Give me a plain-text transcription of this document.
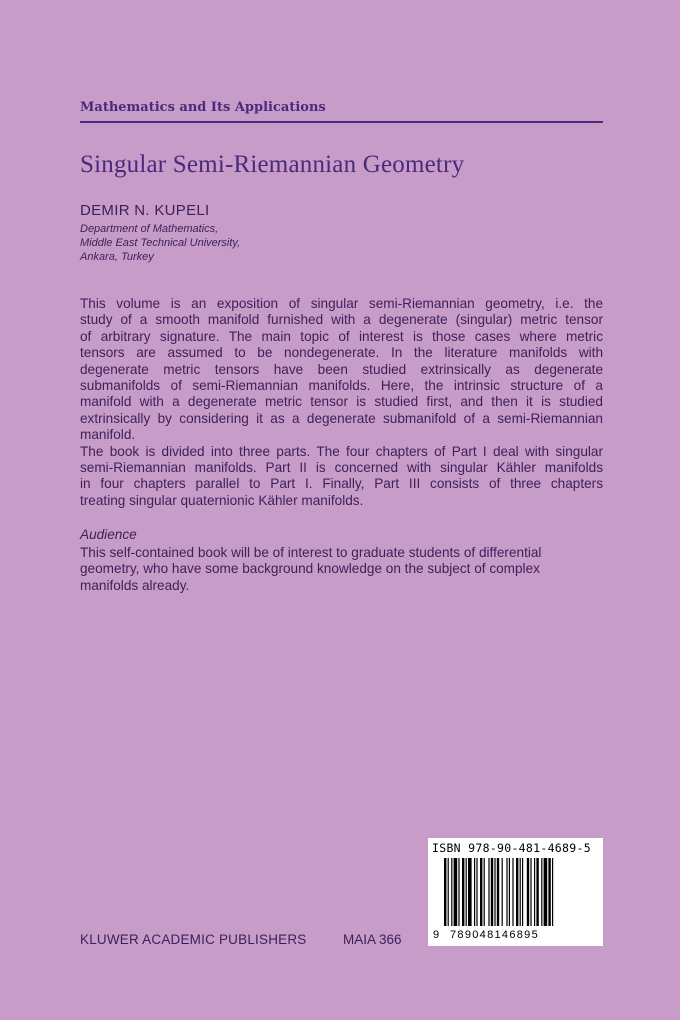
Mathematics and Its Applications
Singular Semi-Riemannian Geometry
DEMIR N. KUPELI
Department of Mathematics,
Middle East Technical University,
Ankara, Turkey

This volume is an exposition of singular semi-Riemannian geometry, i.e. the
study of a smooth manifold furnished with a degenerate (singular) metric tensor
of arbitrary signature. The main topic of interest is those cases where metric
tensors are assumed to be nondegenerate. In the literature manifolds with
degenerate metric tensors have been studied extrinsically as degenerate
submanifolds of semi-Riemannian manifolds. Here, the intrinsic structure of a
manifold with a degenerate metric tensor is studied first, and then it is studied
extrinsically by considering it as a degenerate submanifold of a semi-Riemannian
manifold.

The book is divided into three parts. The four chapters of Part I deal with singular
semi-Riemannian manifolds. Part II is concerned with singular Kähler manifolds
in four chapters parallel to Part I. Finally, Part III consists of three chapters
treating singular quaternionic Kähler manifolds.

Audience
This self-contained book will be of interest to graduate students of differential
geometry, who have some background knowledge on the subject of complex
manifolds already.
KLUWER ACADEMIC PUBLISHERS	MAIA 366
ISBN 978-90-481-4689-5
9 789048146895
